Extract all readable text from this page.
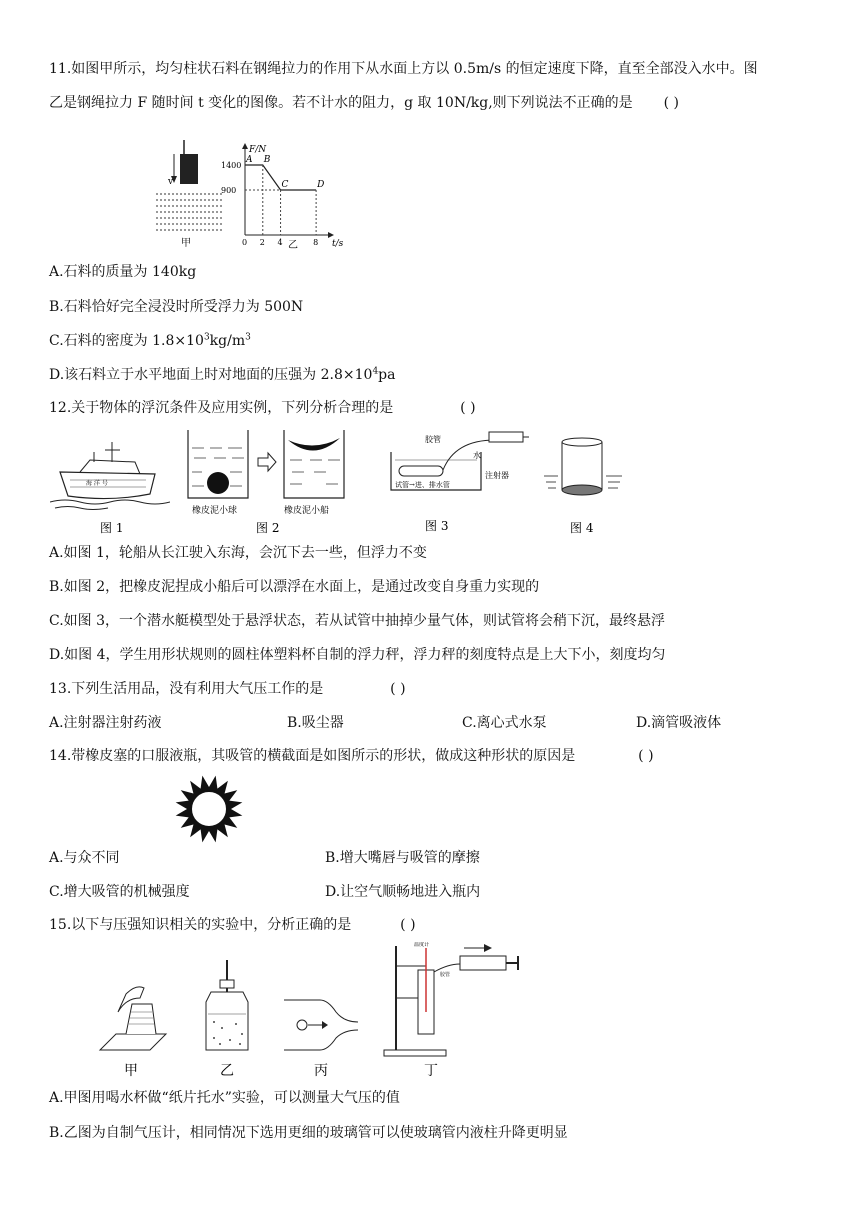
11.如图甲所示，均匀柱状石料在钢绳拉力的作用下从水面上方以 0.5m/s 的恒定速度下降，直至全部没入水中。图
乙是钢绳拉力 F 随时间 t 变化的图像。若不计水的阻力，g 取 10N/kg,则下列说法不正确的是 ( )
v
甲
F/N
t/s
A B
C	D
0 2 4	8
1400
900
乙
A.石料的质量为 140kg
B.石料恰好完全浸没时所受浮力为 500N
C.石料的密度为 $1.8\times 10^3kg/m^3$
D.该石料立于水平地面上时对地面的压强为 $2.8\times 10^4pa$
12.关于物体的浮沉条件及应用实例，下列分析合理的是	( )
海 洋 号
图 1
橡皮泥小球	橡皮泥小船
图 2
胶管
注射器
水
试管→进、排水管
图 3	图 4
A.如图 1，轮船从长江驶入东海，会沉下去一些，但浮力不变
B.如图 2，把橡皮泥捏成小船后可以漂浮在水面上，是通过改变自身重力实现的
C.如图 3，一个潜水艇模型处于悬浮状态，若从试管中抽掉少量气体，则试管将会稍下沉，最终悬浮
D.如图 4，学生用形状规则的圆柱体塑料杯自制的浮力秤，浮力秤的刻度特点是上大下小，刻度均匀
13.下列生活用品，没有利用大气压工作的是	( )
A.注射器注射药液	B.吸尘器	C.离心式水泵	D.滴管吸液体
14.带橡皮塞的口服液瓶，其吸管的横截面是如图所示的形状，做成这种形状的原因是	( )
A.与众不同	B.增大嘴唇与吸管的摩擦
C.增大吸管的机械强度	D.让空气顺畅地进入瓶内
15.以下与压强知识相关的实验中，分析正确的是	( )
温度计
胶管
甲	乙	丙	丁
A.甲图用喝水杯做“纸片托水”实验，可以测量大气压的值
B.乙图为自制气压计，相同情况下选用更细的玻璃管可以使玻璃管内液柱升降更明显
